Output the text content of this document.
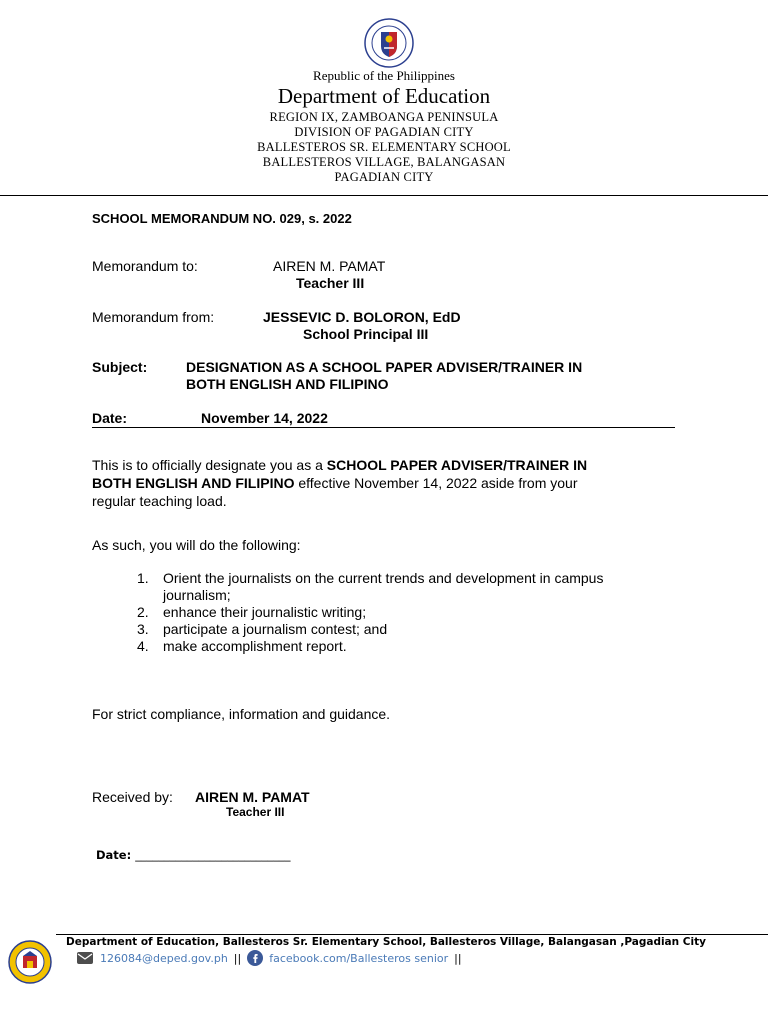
Republic of the Philippines
Department of Education
REGION IX, ZAMBOANGA PENINSULA
DIVISION OF PAGADIAN CITY
BALLESTEROS SR. ELEMENTARY SCHOOL
BALLESTEROS VILLAGE, BALANGASAN
PAGADIAN CITY
SCHOOL MEMORANDUM NO. 029, s. 2022
Memorandum to:	AIREN M. PAMAT
Teacher III
Memorandum from:	JESSEVIC D. BOLORON, EdD
School Principal III
Subject:	DESIGNATION AS A SCHOOL PAPER ADVISER/TRAINER IN
BOTH ENGLISH AND FILIPINO
Date:	November 14, 2022
This is to officially designate you as a SCHOOL PAPER ADVISER/TRAINER IN
BOTH ENGLISH AND FILIPINO effective November 14, 2022 aside from your
regular teaching load.
As such, you will do the following:
1. Orient the journalists on the current trends and development in campus
journalism;
2. enhance their journalistic writing;
3. participate a journalism contest; and
4. make accomplishment report.
For strict compliance, information and guidance.
Received by: AIREN M. PAMAT
Teacher III
Date: ___________________________
Department of Education, Ballesteros Sr. Elementary School, Ballesteros Village, Balangasan ,Pagadian City
126084@deped.gov.ph ||	facebook.com/Ballesteros senior ||
